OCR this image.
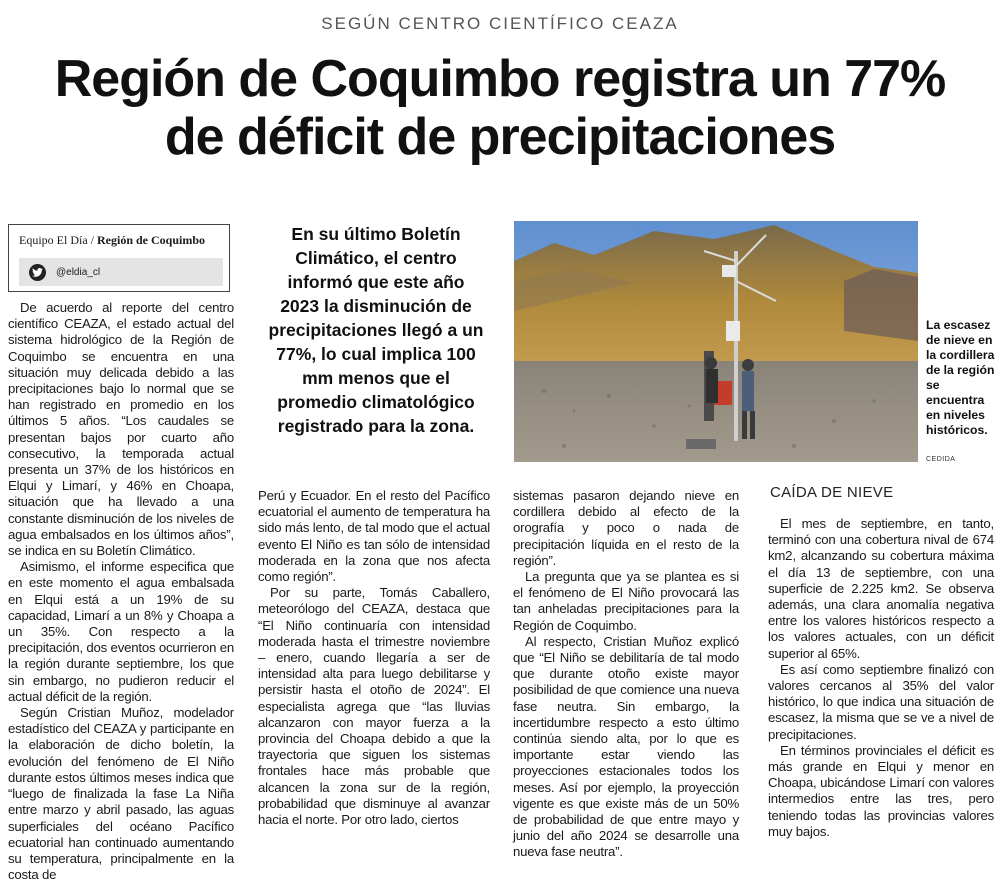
SEGÚN CENTRO CIENTÍFICO CEAZA
Región de Coquimbo registra un 77%
de déficit de precipitaciones
Equipo El Día / Región de Coquimbo
@eldia_cl

De acuerdo al reporte del centro científico CEAZA, el estado actual del sistema hidrológico de la Región de Coquimbo se encuentra en una situación muy delicada debido a las precipitaciones bajo lo normal que se han registrado en promedio en los últimos 5 años. “Los caudales se presentan bajos por cuarto año consecutivo, la temporada actual presenta un 37% de los históricos en Elqui y Limarí, y 46% en Choapa, situación que ha llevado a una constante disminución de los niveles de agua embalsados en los últimos años”, se indica en su Boletín Climático.

Asimismo, el informe especifica que en este momento el agua embalsada en Elqui está a un 19% de su capacidad, Limarí a un 8% y Choapa a un 35%. Con respecto a la precipitación, dos eventos ocurrieron en la región durante septiembre, los que sin embargo, no pudieron reducir el actual déficit de la región.

Según Cristian Muñoz, modelador estadístico del CEAZA y participante en la elaboración de dicho boletín, la evolución del fenómeno de El Niño durante estos últimos meses indica que “luego de finalizada la fase La Niña entre marzo y abril pasado, las aguas superficiales del océano Pacífico ecuatorial han continuado aumentando su temperatura, principalmente en la costa de

En su último Boletín Climático, el centro informó que este año 2023 la disminución de precipitaciones llegó a un 77%, lo cual implica 100 mm menos que el promedio climatológico registrado para la zona.

Perú y Ecuador. En el resto del Pacífico ecuatorial el aumento de temperatura ha sido más lento, de tal modo que el actual evento El Niño es tan sólo de intensidad moderada en la zona que nos afecta como región”.

Por su parte, Tomás Caballero, meteorólogo del CEAZA, destaca que “El Niño continuaría con intensidad moderada hasta el trimestre noviembre – enero, cuando llegaría a ser de intensidad alta para luego debilitarse y persistir hasta el otoño de 2024”. El especialista agrega que “las lluvias alcanzaron con mayor fuerza a la provincia del Choapa debido a que la trayectoria que siguen los sistemas frontales hace más probable que alcancen la zona sur de la región, probabilidad que disminuye al avanzar hacia el norte. Por otro lado, ciertos

La escasez de nieve en la cordillera de la región se encuentra en niveles históricos.
CEDIDA

sistemas pasaron dejando nieve en cordillera debido al efecto de la orografía y poco o nada de precipitación líquida en el resto de la región”.

La pregunta que ya se plantea es si el fenómeno de El Niño provocará las tan anheladas precipitaciones para la Región de Coquimbo.

Al respecto, Cristian Muñoz explicó que “El Niño se debilitaría de tal modo que durante otoño existe mayor posibilidad de que comience una nueva fase neutra. Sin embargo, la incertidumbre respecto a esto último continúa siendo alta, por lo que es importante estar viendo las proyecciones estacionales todos los meses. Así por ejemplo, la proyección vigente es que existe más de un 50% de probabilidad de que entre mayo y junio del año 2024 se desarrolle una nueva fase neutra”.

CAÍDA DE NIEVE

El mes de septiembre, en tanto, terminó con una cobertura nival de 674 km2, alcanzando su cobertura máxima el día 13 de septiembre, con una superficie de 2.225 km2. Se observa además, una clara anomalía negativa entre los valores históricos respecto a los valores actuales, con un déficit superior al 65%.

Es así como septiembre finalizó con valores cercanos al 35% del valor histórico, lo que indica una situación de escasez, la misma que se ve a nivel de precipitaciones.

En términos provinciales el déficit es más grande en Elqui y menor en Choapa, ubicándose Limarí con valores intermedios entre las tres, pero teniendo todas las provincias valores muy bajos.
